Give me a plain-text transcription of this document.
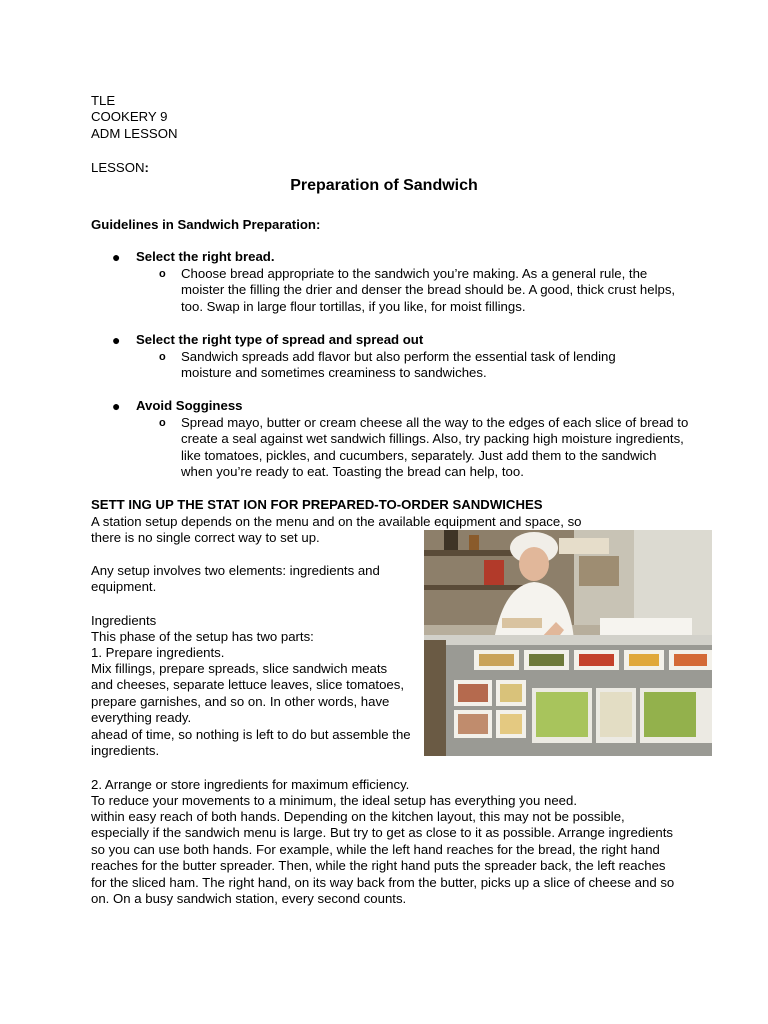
TLE
COOKERY 9
ADM LESSON
LESSON:
Preparation of Sandwich
Guidelines in Sandwich Preparation:
● Select the right bread.
o Choose bread appropriate to the sandwich you’re making. As a general rule, the moister the filling the drier and denser the bread should be. A good, thick crust helps, too. Swap in large flour tortillas, if you like, for moist fillings.
● Select the right type of spread and spread out
o Sandwich spreads add flavor but also perform the essential task of lending moisture and sometimes creaminess to sandwiches.
● Avoid Sogginess
o Spread mayo, butter or cream cheese all the way to the edges of each slice of bread to create a seal against wet sandwich fillings. Also, try packing high moisture ingredients, like tomatoes, pickles, and cucumbers, separately. Just add them to the sandwich when you’re ready to eat. Toasting the bread can help, too.
SETT ING UP THE STAT ION FOR PREPARED-TO-ORDER SANDWICHES
A station setup depends on the menu and on the available equipment and space, so
there is no single correct way to set up.
Any setup involves two elements: ingredients and equipment.
Ingredients
This phase of the setup has two parts:
1. Prepare ingredients.
Mix fillings, prepare spreads, slice sandwich meats and cheeses, separate lettuce leaves, slice tomatoes, prepare garnishes, and so on. In other words, have everything ready.
ahead of time, so nothing is left to do but assemble the ingredients.
2. Arrange or store ingredients for maximum efficiency.
To reduce your movements to a minimum, the ideal setup has everything you need.
within easy reach of both hands. Depending on the kitchen layout, this may not be possible, especially if the sandwich menu is large. But try to get as close to it as possible. Arrange ingredients so you can use both hands. For example, while the left hand reaches for the bread, the right hand reaches for the butter spreader. Then, while the right hand puts the spreader back, the left reaches for the sliced ham. The right hand, on its way back from the butter, picks up a slice of cheese and so on. On a busy sandwich station, every second counts.
